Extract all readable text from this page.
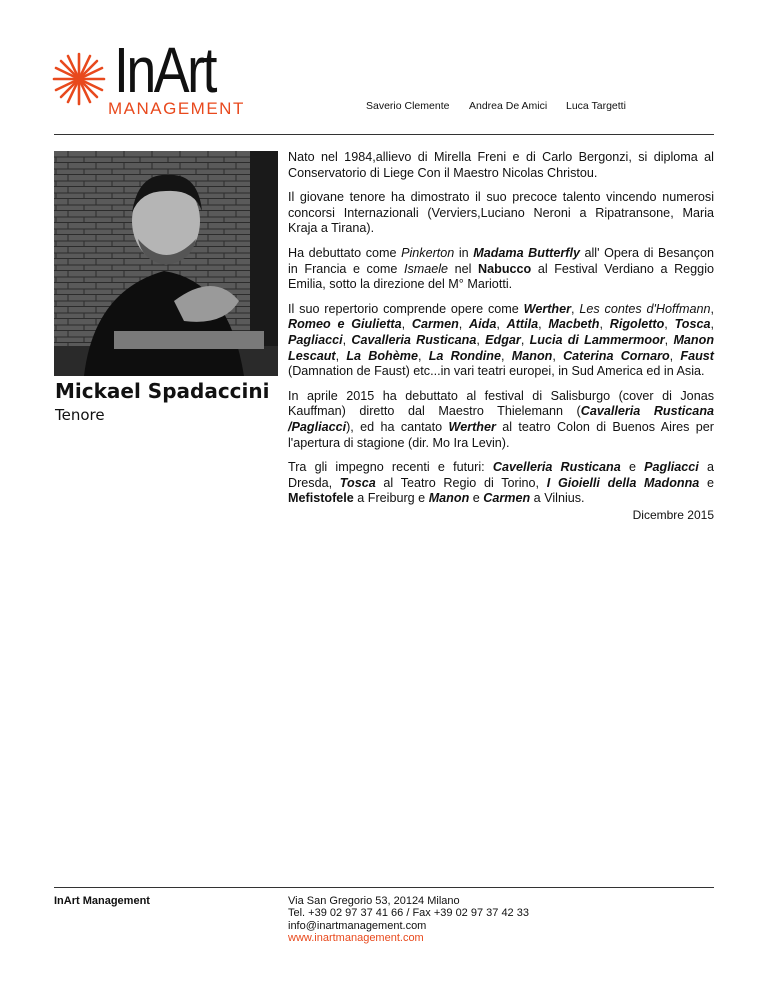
InArt
MANAGEMENT	Saverio Clemente Andrea De Amici Luca Targetti
Mickael Spadaccini
Tenore

Nato nel 1984,allievo di Mirella Freni e di Carlo Bergonzi, si diploma al Conservatorio di Liege Con il Maestro Nicolas Christou.

Il giovane tenore ha dimostrato il suo precoce talento vincendo numerosi concorsi Internazionali (Verviers,Luciano Neroni a Ripatransone, Maria Kraja a Tirana).

Ha debuttato come Pinkerton in Madama Butterfly all' Opera di Besançon in Francia e come Ismaele nel Nabucco al Festival Verdiano a Reggio Emilia, sotto la direzione del M° Mariotti.

Il suo repertorio comprende opere come Werther, Les contes d'Hoffmann, Romeo e Giulietta, Carmen, Aida, Attila, Macbeth, Rigoletto, Tosca, Pagliacci, Cavalleria Rusticana, Edgar, Lucia di Lammermoor, Manon Lescaut, La Bohème, La Rondine, Manon, Caterina Cornaro, Faust (Damnation de Faust) etc...in vari teatri europei, in Sud America ed in Asia.

In aprile 2015 ha debuttato al festival di Salisburgo (cover di Jonas Kauffman) diretto dal Maestro Thielemann (Cavalleria Rusticana /Pagliacci), ed ha cantato Werther al teatro Colon di Buenos Aires per l'apertura di stagione (dir. Mo Ira Levin).

Tra gli impegno recenti e futuri: Cavelleria Rusticana e Pagliacci a Dresda, Tosca al Teatro Regio di Torino, I Gioielli della Madonna e Mefistofele a Freiburg e Manon e Carmen a Vilnius.

Dicembre 2015
InArt Management	Via San Gregorio 53, 20124 Milano
Tel. +39 02 97 37 41 66 / Fax +39 02 97 37 42 33
info@inartmanagement.com
www.inartmanagement.com
